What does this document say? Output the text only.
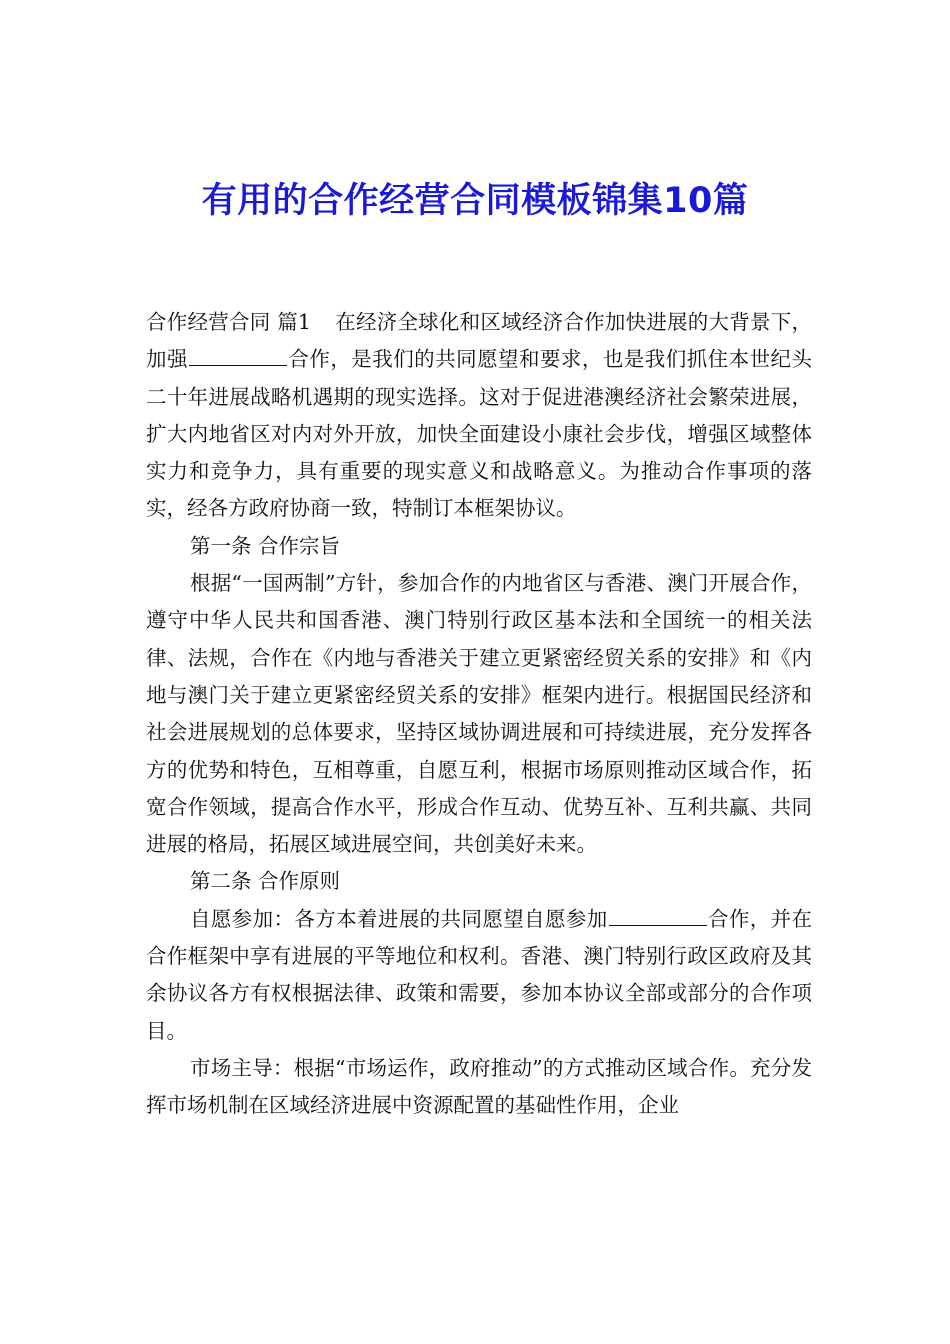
有用的合作经营合同模板锦集10篇

合作经营合同 篇1 在经济全球化和区域经济合作加快进展的大背景下，加强	合作，是我们的共同愿望和要求，也是我们抓住本世纪头二十年进展战略机遇期的现实选择。这对于促进港澳经济社会繁荣进展，扩大内地省区对内对外开放，加快全面建设小康社会步伐，增强区域整体实力和竞争力，具有重要的现实意义和战略意义。为推动合作事项的落实，经各方政府协商一致，特制订本框架协议。

第一条 合作宗旨

根据“一国两制”方针，参加合作的内地省区与香港、澳门开展合作，遵守中华人民共和国香港、澳门特别行政区基本法和全国统一的相关法律、法规，合作在《内地与香港关于建立更紧密经贸关系的安排》和《内地与澳门关于建立更紧密经贸关系的安排》框架内进行。根据国民经济和社会进展规划的总体要求，坚持区域协调进展和可持续进展，充分发挥各方的优势和特色，互相尊重，自愿互利，根据市场原则推动区域合作，拓宽合作领域，提高合作水平，形成合作互动、优势互补、互利共赢、共同进展的格局，拓展区域进展空间，共创美好未来。

第二条 合作原则

自愿参加：各方本着进展的共同愿望自愿参加	合作，并在合作框架中享有进展的平等地位和权利。香港、澳门特别行政区政府及其余协议各方有权根据法律、政策和需要，参加本协议全部或部分的合作项目。

市场主导：根据“市场运作，政府推动”的方式推动区域合作。充分发挥市场机制在区域经济进展中资源配置的基础性作用，企业
